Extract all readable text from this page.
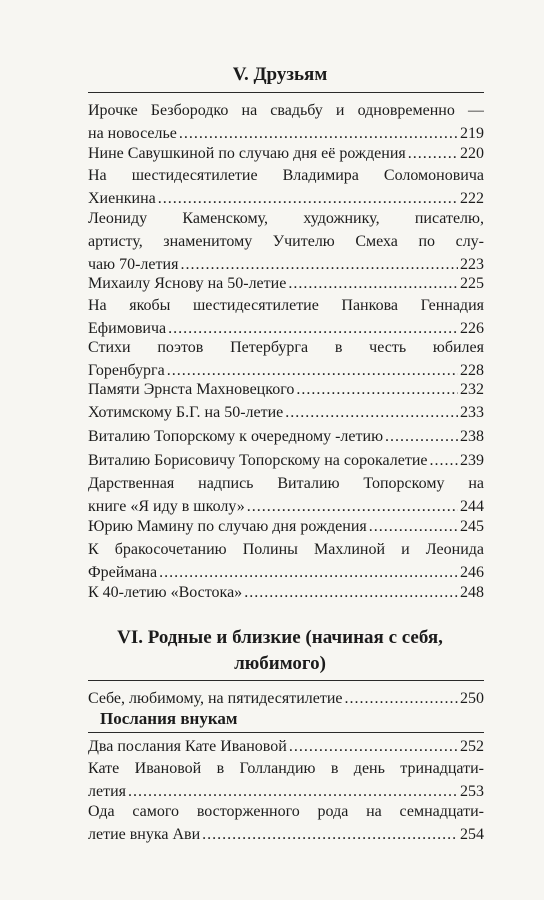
V. Друзьям
Ирочке Безбородко на свадьбу и одновременно —
на новоселье .....	219
Нине Савушкиной по случаю дня её рождения .....	220
На шестидесятилетие Владимира Соломоновича
Хиенкина .....	222
Леониду Каменскому, художнику, писателю,
артисту, знаменитому Учителю Смеха по слу-
чаю 70-летия .....	223
Михаилу Яснову на 50-летие .....	225
На якобы шестидесятилетие Панкова Геннадия
Ефимовича .....	226
Стихи поэтов Петербурга в честь юбилея
Горенбурга .....	228
Памяти Эрнста Махновецкого .....	232
Хотимскому Б.Г. на 50-летие .....	233
Виталию Топорскому к очередному -летию .....	238
Виталию Борисовичу Топорскому на сорокалетие ..... 239
Дарственная надпись Виталию Топорскому на
книге «Я иду в школу» .....	244
Юрию Мамину по случаю дня рождения .....	245
К бракосочетанию Полины Махлиной и Леонида
Фреймана .....	246
К 40-летию «Востока» .....	248
VI. Родные и близкие (начиная с себя,
любимого)
Себе, любимому, на пятидесятилетие .....	250
Послания внукам
Два послания Кате Ивановой .....	252
Кате Ивановой в Голландию в день тринадцати-
летия .....	253
Ода самого восторженного рода на семнадцати-
летие внука Ави .....	254
